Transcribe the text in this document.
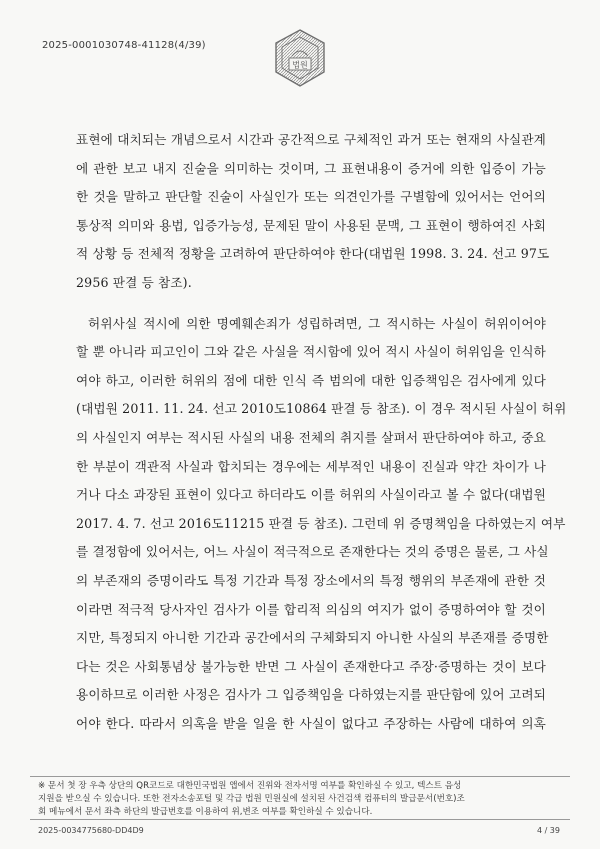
2025-0001030748-41128(4/39)
법원
표현에 대치되는 개념으로서 시간과 공간적으로 구체적인 과거 또는 현재의 사실관계
에 관한 보고 내지 진술을 의미하는 것이며, 그 표현내용이 증거에 의한 입증이 가능
한 것을 말하고 판단할 진술이 사실인가 또는 의견인가를 구별함에 있어서는 언어의
통상적 의미와 용법, 입증가능성, 문제된 말이 사용된 문맥, 그 표현이 행하여진 사회
적 상황 등 전체적 정황을 고려하여 판단하여야 한다(대법원 1998. 3. 24. 선고 97도
2956 판결 등 참조).
허위사실 적시에 의한 명예훼손죄가 성립하려면, 그 적시하는 사실이 허위이어야
할 뿐 아니라 피고인이 그와 같은 사실을 적시함에 있어 적시 사실이 허위임을 인식하
여야 하고, 이러한 허위의 점에 대한 인식 즉 범의에 대한 입증책임은 검사에게 있다
(대법원 2011. 11. 24. 선고 2010도10864 판결 등 참조). 이 경우 적시된 사실이 허위
의 사실인지 여부는 적시된 사실의 내용 전체의 취지를 살펴서 판단하여야 하고, 중요
한 부분이 객관적 사실과 합치되는 경우에는 세부적인 내용이 진실과 약간 차이가 나
거나 다소 과장된 표현이 있다고 하더라도 이를 허위의 사실이라고 볼 수 없다(대법원
2017. 4. 7. 선고 2016도11215 판결 등 참조). 그런데 위 증명책임을 다하였는지 여부
를 결정함에 있어서는, 어느 사실이 적극적으로 존재한다는 것의 증명은 물론, 그 사실
의 부존재의 증명이라도 특정 기간과 특정 장소에서의 특정 행위의 부존재에 관한 것
이라면 적극적 당사자인 검사가 이를 합리적 의심의 여지가 없이 증명하여야 할 것이
지만, 특정되지 아니한 기간과 공간에서의 구체화되지 아니한 사실의 부존재를 증명한
다는 것은 사회통념상 불가능한 반면 그 사실이 존재한다고 주장·증명하는 것이 보다
용이하므로 이러한 사정은 검사가 그 입증책임을 다하였는지를 판단함에 있어 고려되
어야 한다. 따라서 의혹을 받을 일을 한 사실이 없다고 주장하는 사람에 대하여 의혹
※ 문서 첫 장 우측 상단의 QR코드로 대한민국법원 앱에서 진위와 전자서명 여부를 확인하실 수 있고, 텍스트 음성
지원을 받으실 수 있습니다. 또한 전자소송포털 및 각급 법원 민원실에 설치된 사건검색 컴퓨터의 발급문서(번호)조
회 메뉴에서 문서 좌측 하단의 발급번호를 이용하여 위,변조 여부를 확인하실 수 있습니다.
2025-0034775680-DD4D9	4 / 39
